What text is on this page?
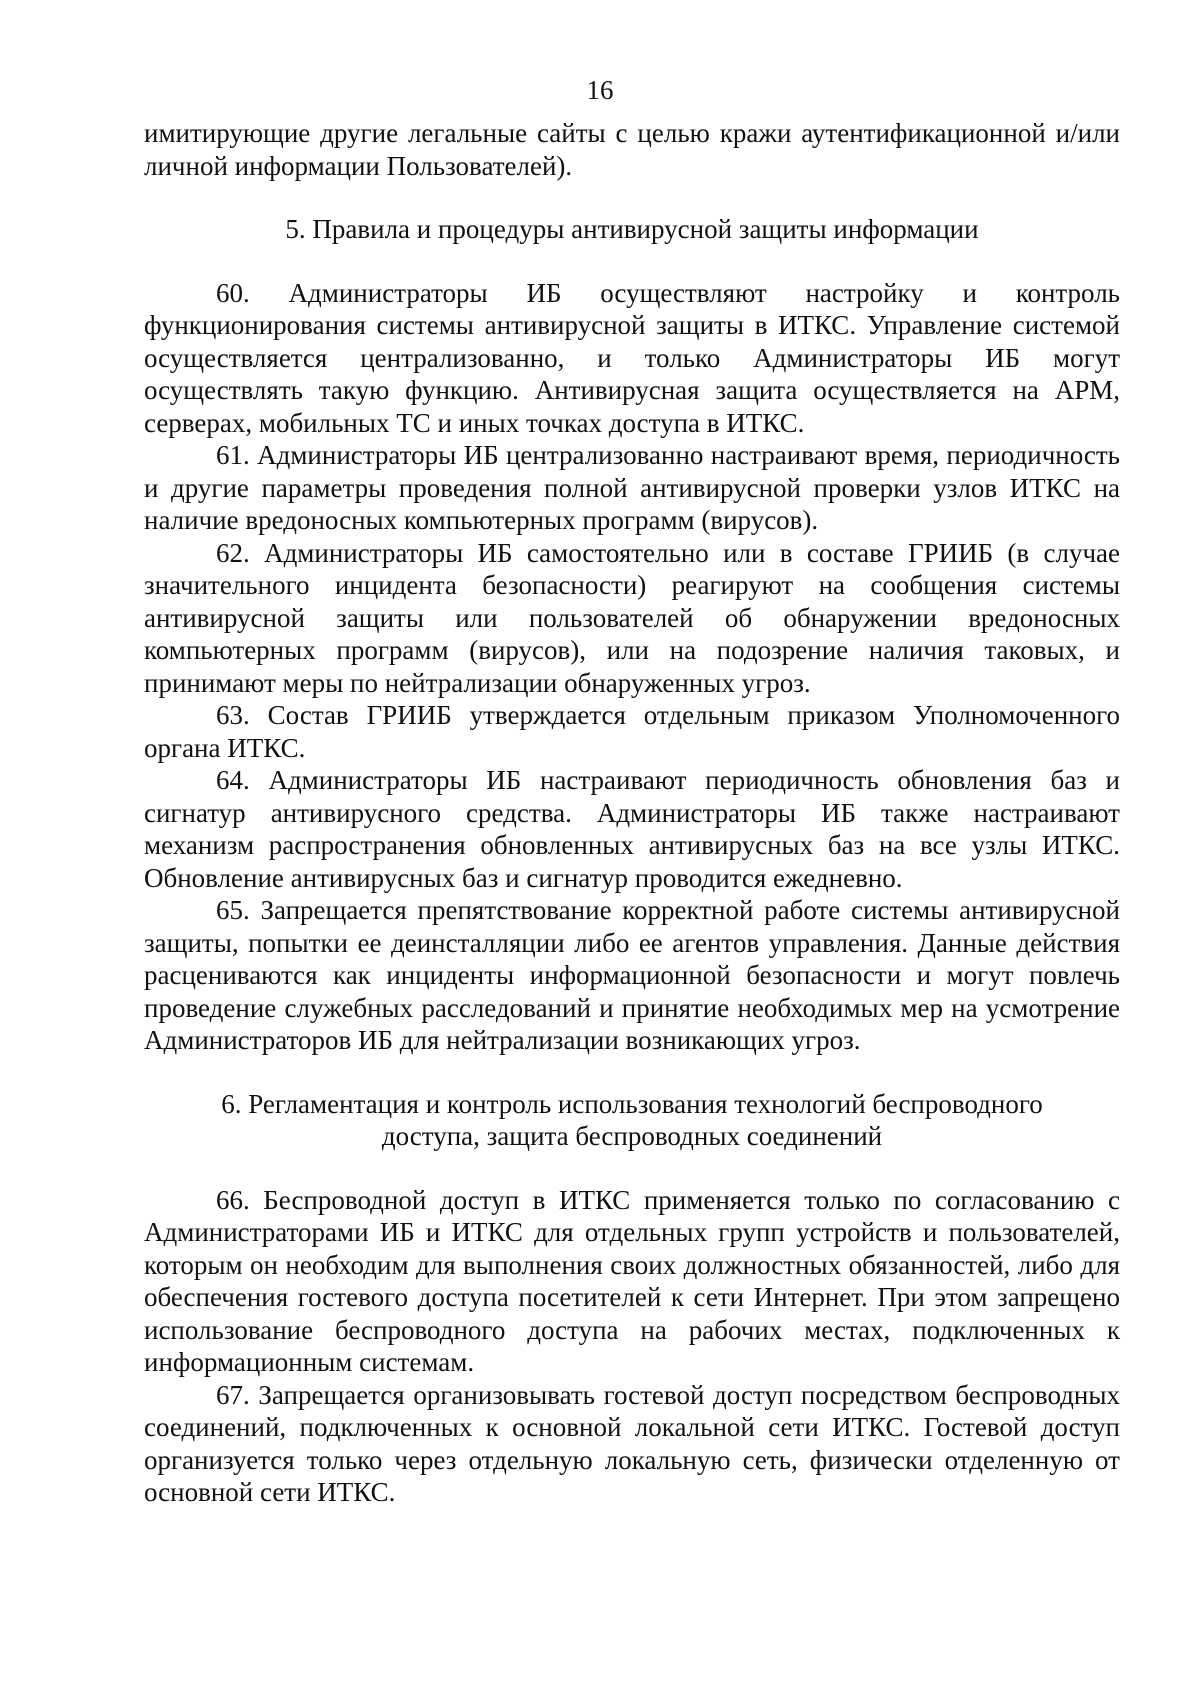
16

имитирующие другие легальные сайты с целью кражи аутентификационной и/или личной информации Пользователей).

5. Правила и процедуры антивирусной защиты информации

60. Администраторы ИБ осуществляют настройку и контроль функционирования системы антивирусной защиты в ИТКС. Управление системой осуществляется централизованно, и только Администраторы ИБ могут осуществлять такую функцию. Антивирусная защита осуществляется на АРМ, серверах, мобильных ТС и иных точках доступа в ИТКС.

61. Администраторы ИБ централизованно настраивают время, периодичность и другие параметры проведения полной антивирусной проверки узлов ИТКС на наличие вредоносных компьютерных программ (вирусов).

62. Администраторы ИБ самостоятельно или в составе ГРИИБ (в случае значительного инцидента безопасности) реагируют на сообщения системы антивирусной защиты или пользователей об обнаружении вредоносных компьютерных программ (вирусов), или на подозрение наличия таковых, и принимают меры по нейтрализации обнаруженных угроз.

63. Состав ГРИИБ утверждается отдельным приказом Уполномоченного органа ИТКС.

64. Администраторы ИБ настраивают периодичность обновления баз и сигнатур антивирусного средства. Администраторы ИБ также настраивают механизм распространения обновленных антивирусных баз на все узлы ИТКС. Обновление антивирусных баз и сигнатур проводится ежедневно.

65. Запрещается препятствование корректной работе системы антивирусной защиты, попытки ее деинсталляции либо ее агентов управления. Данные действия расцениваются как инциденты информационной безопасности и могут повлечь проведение служебных расследований и принятие необходимых мер на усмотрение Администраторов ИБ для нейтрализации возникающих угроз.

6. Регламентация и контроль использования технологий беспроводного

доступа, защита беспроводных соединений

66. Беспроводной доступ в ИТКС применяется только по согласованию с Администраторами ИБ и ИТКС для отдельных групп устройств и пользователей, которым он необходим для выполнения своих должностных обязанностей, либо для обеспечения гостевого доступа посетителей к сети Интернет. При этом запрещено использование беспроводного доступа на рабочих местах, подключенных к информационным системам.

67. Запрещается организовывать гостевой доступ посредством беспроводных соединений, подключенных к основной локальной сети ИТКС. Гостевой доступ организуется только через отдельную локальную сеть, физически отделенную от основной сети ИТКС.
